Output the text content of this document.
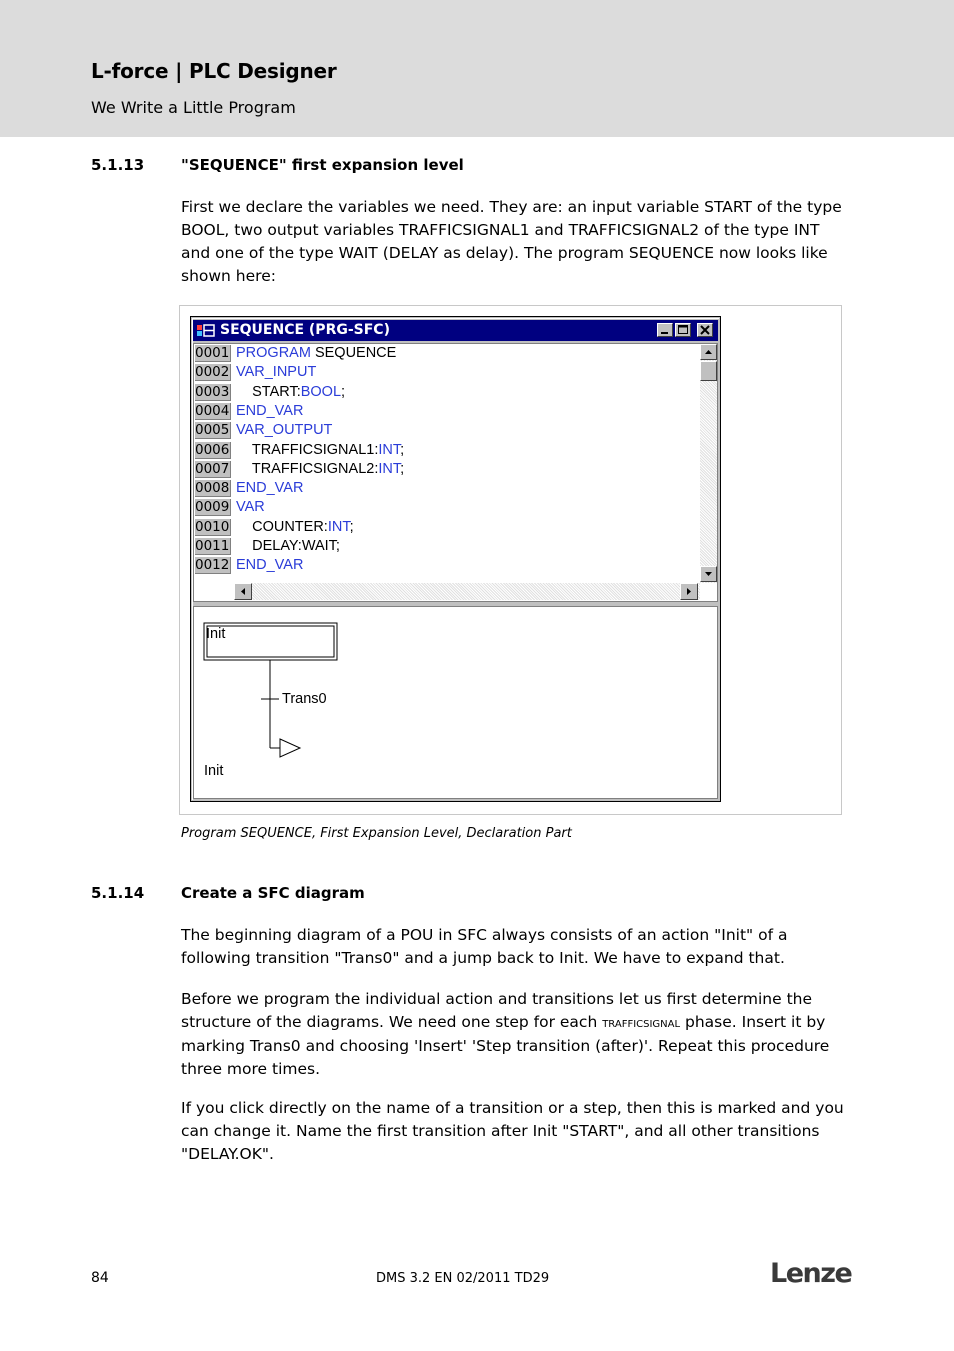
L-force | PLC Designer
We Write a Little Program
5.1.13 "SEQUENCE" first expansion level
First we declare the variables we need. They are: an input variable START of the type BOOL, two output variables TRAFFICSIGNAL1 and TRAFFICSIGNAL2 of the type INT and one of the type WAIT (DELAY as delay). The program SEQUENCE now looks like shown here:
SEQUENCE (PRG-SFC)
0001 PROGRAM SEQUENCE
0002 VAR_INPUT
0003 START:BOOL;
0004 END_VAR
0005 VAR_OUTPUT
0006 TRAFFICSIGNAL1:INT;
0007 TRAFFICSIGNAL2:INT;
0008 END_VAR
0009 VAR
0010 COUNTER:INT;
0011 DELAY:WAIT;
0012 END_VAR
Init
Trans0
Init
Program SEQUENCE, First Expansion Level, Declaration Part
5.1.14 Create a SFC diagram
The beginning diagram of a POU in SFC always consists of an action "Init" of a following transition "Trans0" and a jump back to Init. We have to expand that.
Before we program the individual action and transitions let us first determine the structure of the diagrams. We need one step for each trafficsignal phase. Insert it by marking Trans0 and choosing 'Insert' 'Step transition (after)'. Repeat this procedure three more times.
If you click directly on the name of a transition or a step, then this is marked and you can change it. Name the first transition after Init "START", and all other transitions "DELAY.OK".
84	DMS 3.2 EN 02/2011 TD29	Lenze
